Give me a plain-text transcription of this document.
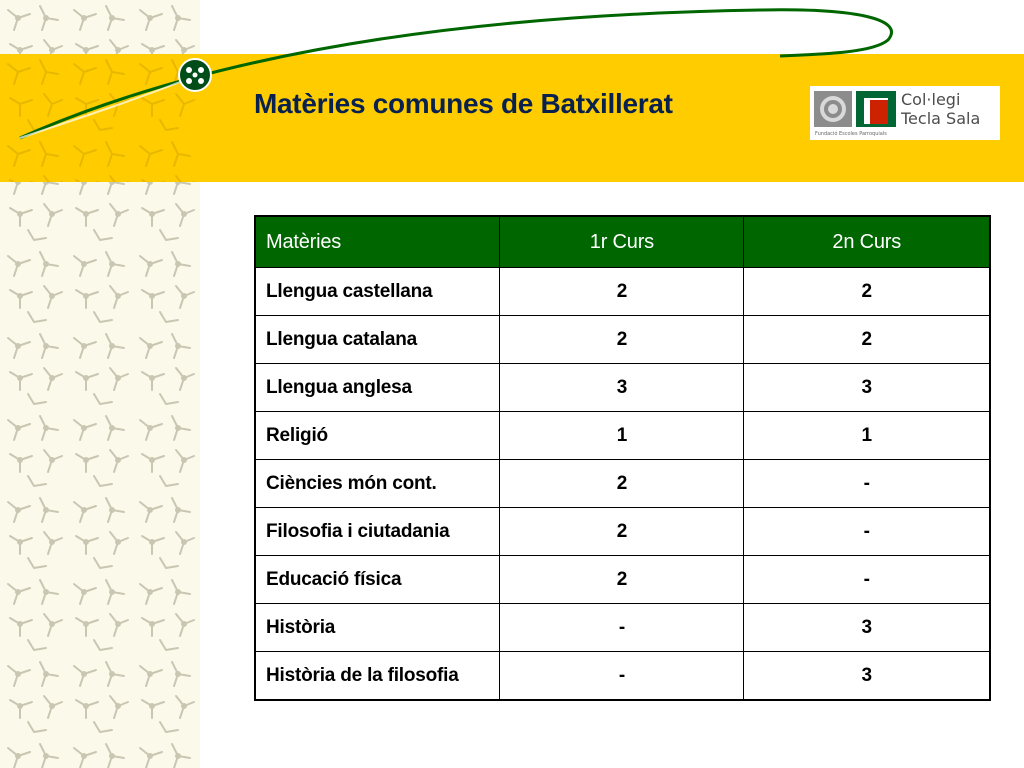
Matèries comunes de Batxillerat	Col·legi
Tecla Sala
Fundació Escoles Parroquials
Matèries	1r Curs	2n Curs
Llengua castellana	2	2
Llengua catalana	2	2
Llengua anglesa	3	3
Religió	1	1
Ciències món cont.	2	-
Filosofia i ciutadania	2	-
Educació física	2	-
Història	-	3
Història de la filosofia	-	3
